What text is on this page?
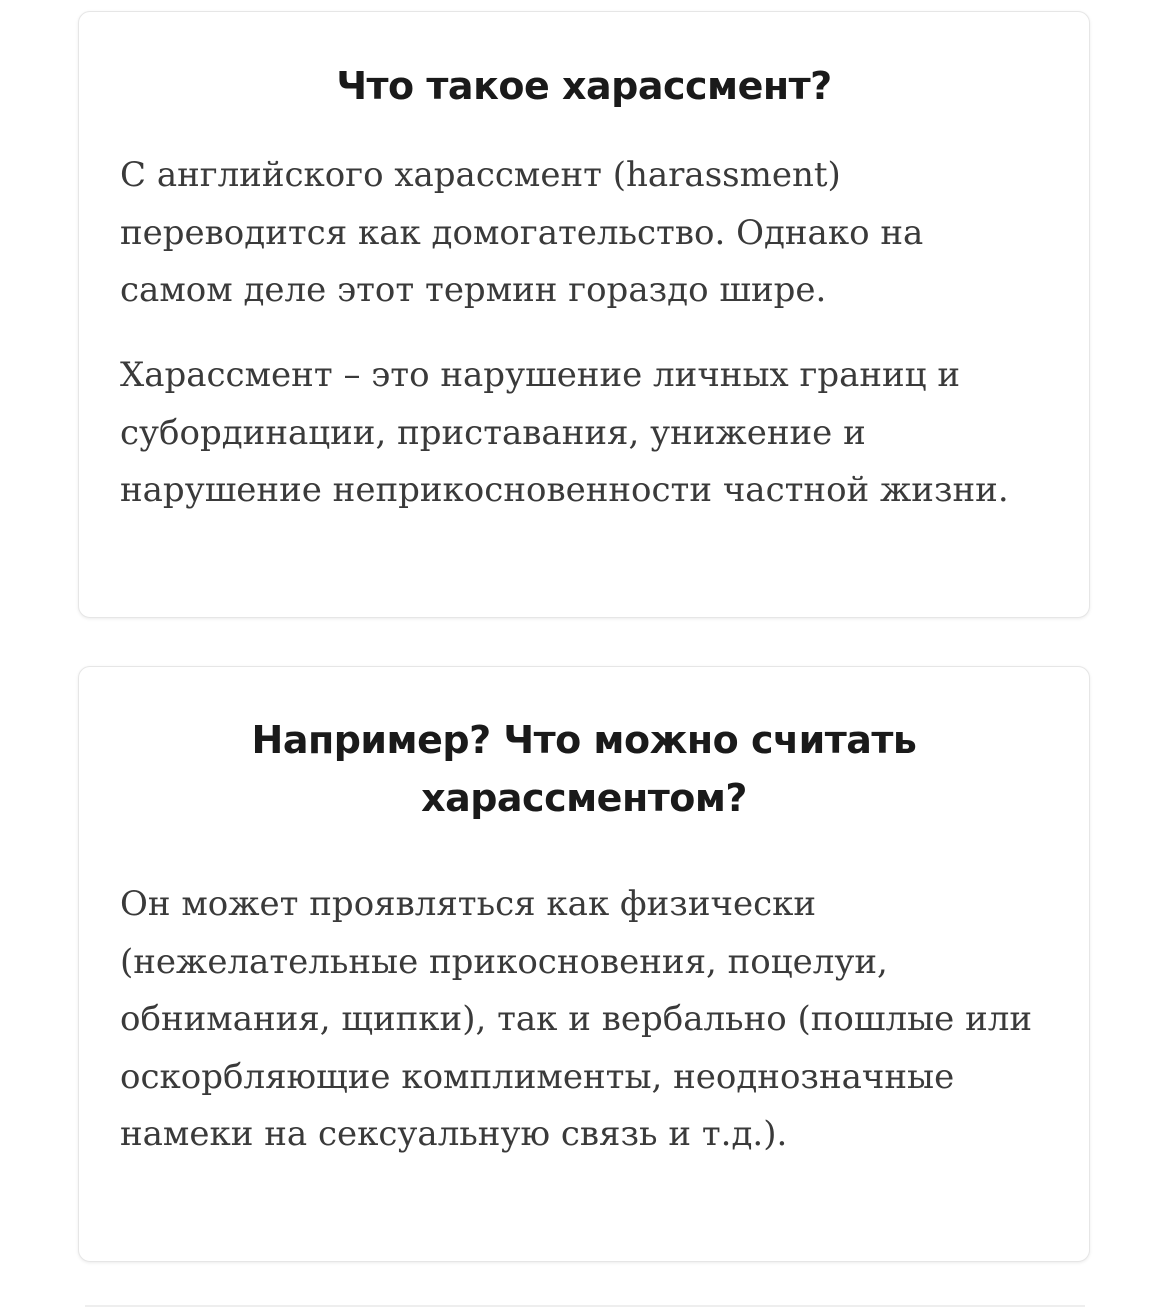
Что такое харассмент?

С английского харассмент (harassment) переводится как домогательство. Однако на самом деле этот термин гораздо шире.

Харассмент – это нарушение личных границ и субординации, приставания, унижение и нарушение неприкосновенности частной жизни.

Например? Что можно считать харассментом?

Он может проявляться как физически (нежелательные прикосновения, поцелуи, обнимания, щипки), так и вербально (пошлые или оскорбляющие комплименты, неоднозначные намеки на сексуальную связь и т.д.).
